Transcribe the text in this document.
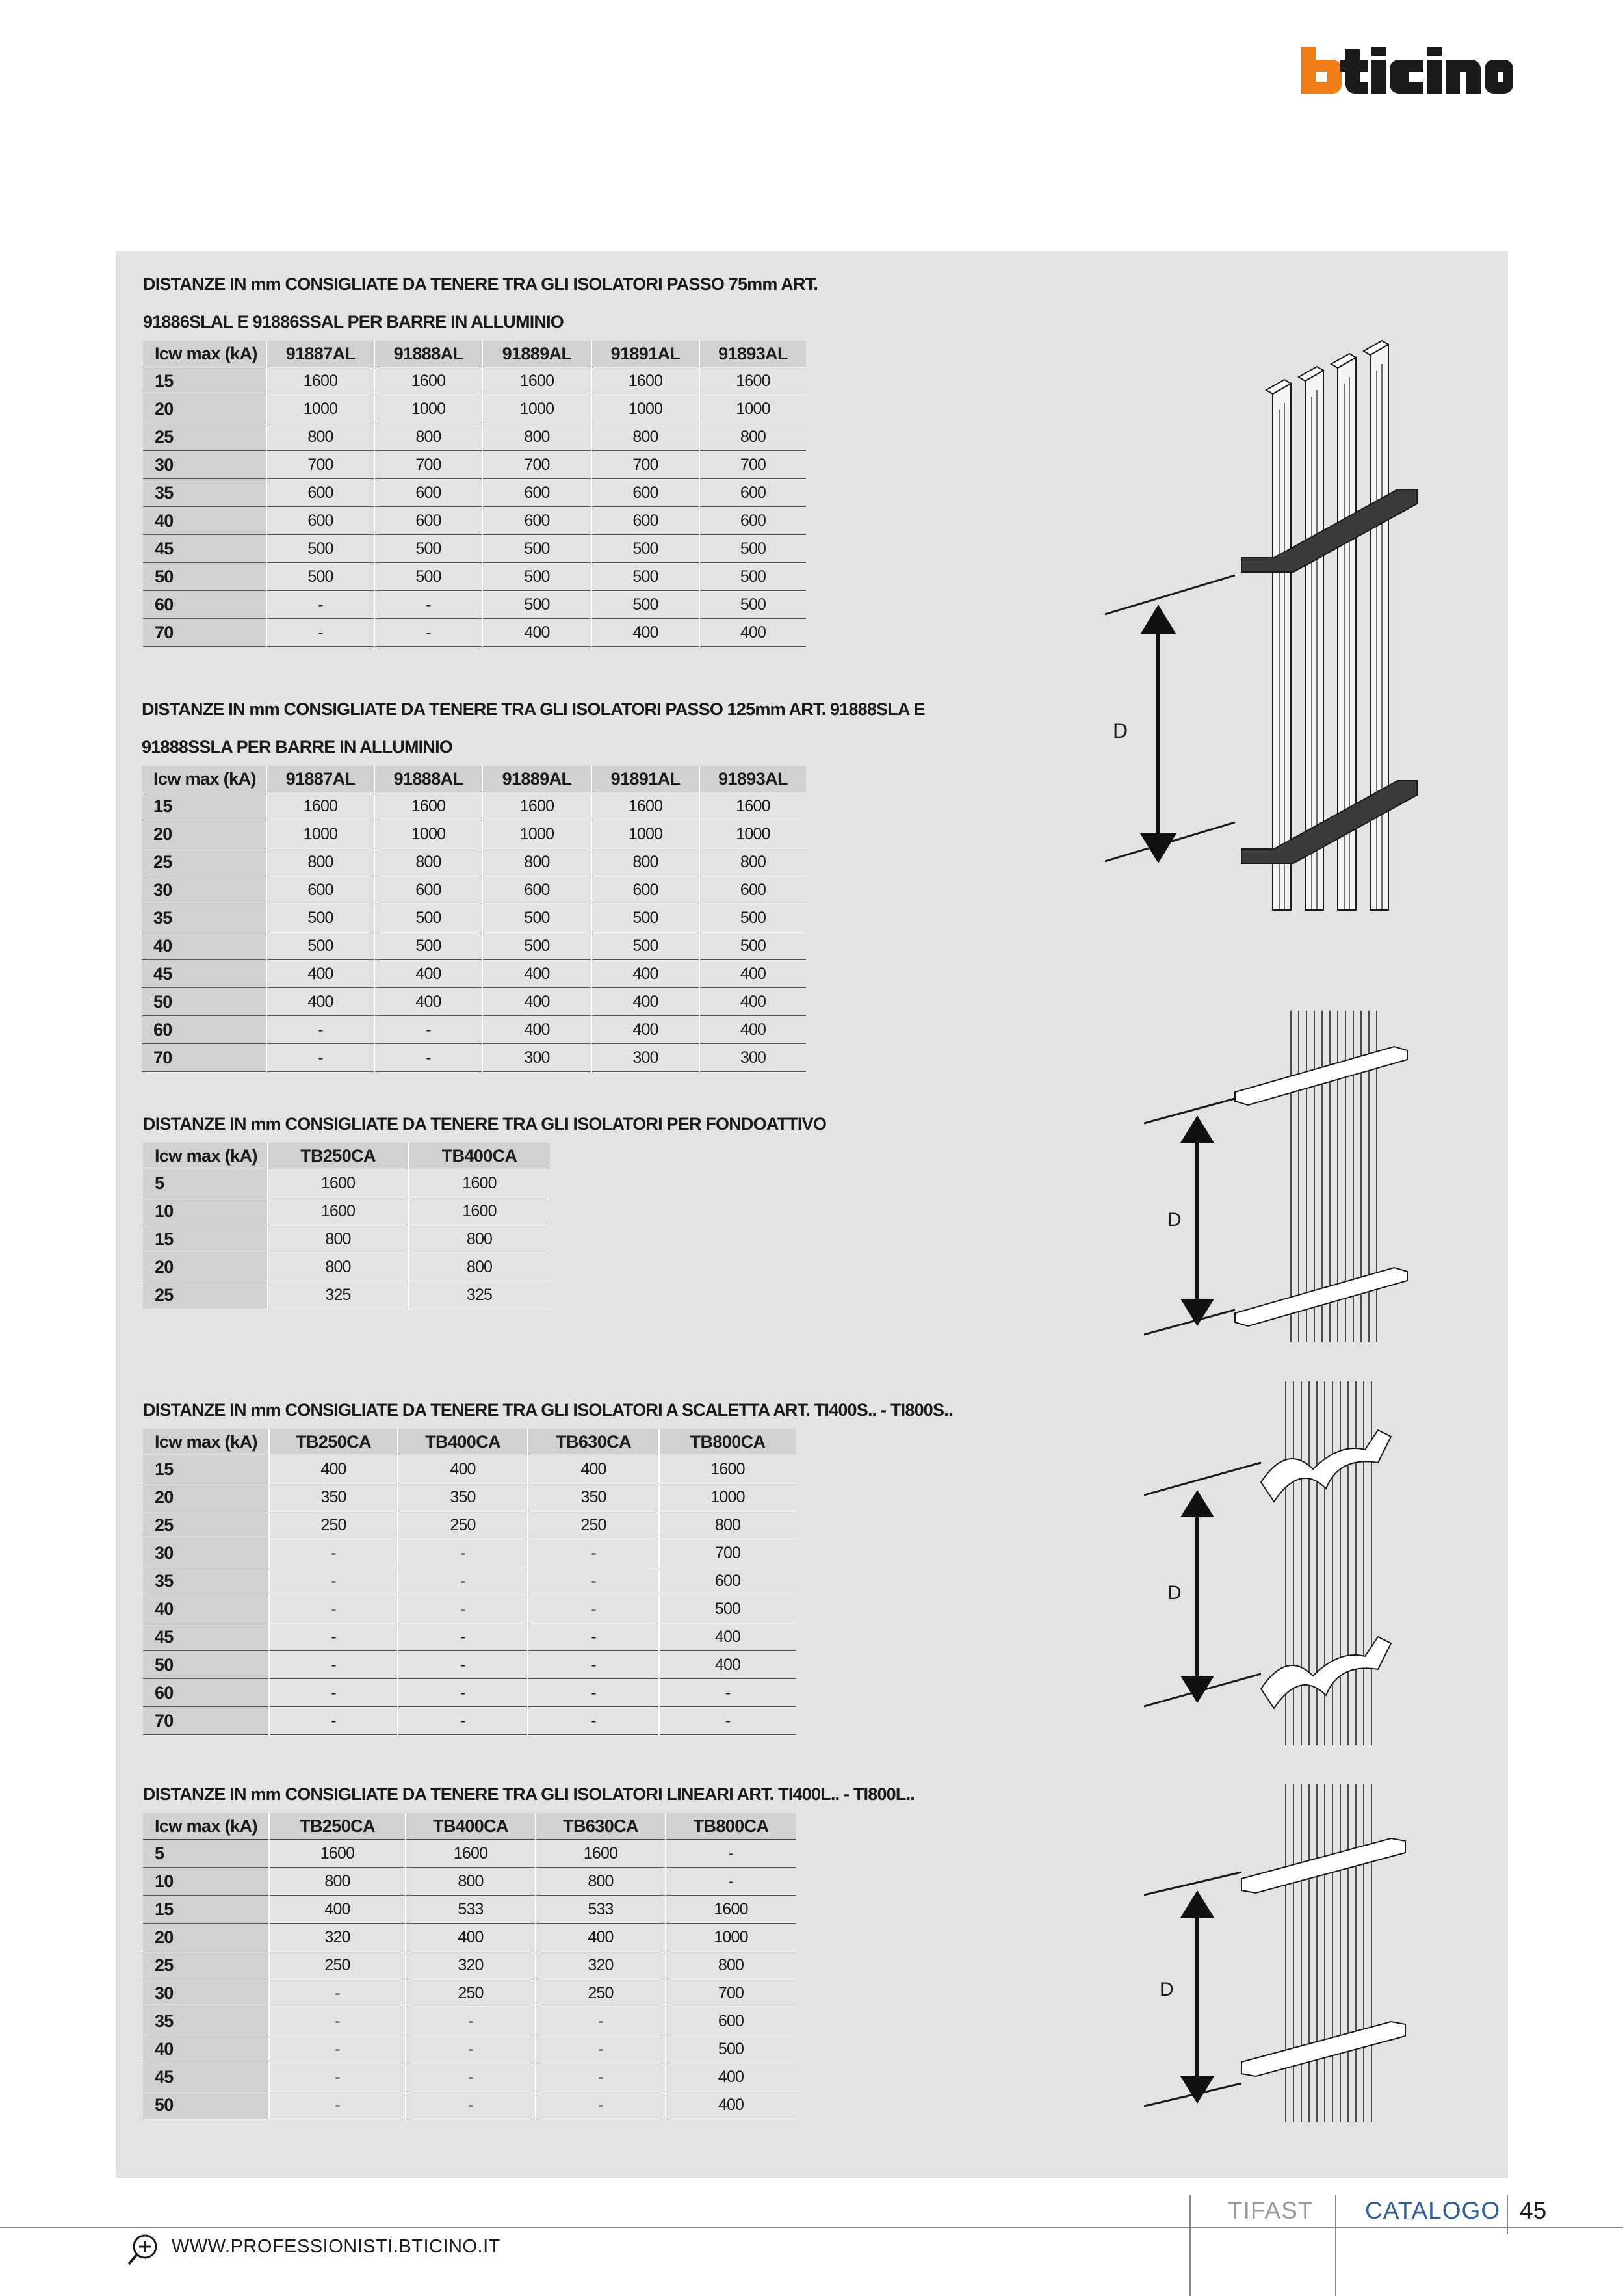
DISTANZE IN mm CONSIGLIATE DA TENERE TRA GLI ISOLATORI PASSO 75mm ART.
91886SLAL E 91886SSAL PER BARRE IN ALLUMINIO
Icw max (kA)	91887AL	91888AL	91889AL	91891AL	91893AL
15	1600	1600	1600	1600	1600
20	1000	1000	1000	1000	1000
25	800	800	800	800	800
30	700	700	700	700	700
35	600	600	600	600	600
40	600	600	600	600	600
45	500	500	500	500	500
50	500	500	500	500	500
60	-	-	500	500	500
70	-	-	400	400	400
DISTANZE IN mm CONSIGLIATE DA TENERE TRA GLI ISOLATORI PASSO 125mm ART. 91888SLA E
91888SSLA PER BARRE IN ALLUMINIO
Icw max (kA)	91887AL	91888AL	91889AL	91891AL	91893AL
15	1600	1600	1600	1600	1600
20	1000	1000	1000	1000	1000
25	800	800	800	800	800
30	600	600	600	600	600
35	500	500	500	500	500
40	500	500	500	500	500
45	400	400	400	400	400
50	400	400	400	400	400
60	-	-	400	400	400
70	-	-	300	300	300
DISTANZE IN mm CONSIGLIATE DA TENERE TRA GLI ISOLATORI PER FONDOATTIVO
Icw max (kA)	TB250CA	TB400CA
5	1600	1600
10	1600	1600
15	800	800
20	800	800
25	325	325
DISTANZE IN mm CONSIGLIATE DA TENERE TRA GLI ISOLATORI A SCALETTA ART. TI400S.. - TI800S..
Icw max (kA)	TB250CA	TB400CA	TB630CA	TB800CA
15	400	400	400	1600
20	350	350	350	1000
25	250	250	250	800
30	-	-	-	700
35	-	-	-	600
40	-	-	-	500
45	-	-	-	400
50	-	-	-	400
60	-	-	-	-
70	-	-	-	-
DISTANZE IN mm CONSIGLIATE DA TENERE TRA GLI ISOLATORI LINEARI ART. TI400L.. - TI800L..
Icw max (kA)	TB250CA	TB400CA	TB630CA	TB800CA
5	1600	1600	1600	-
10	800	800	800	-
15	400	533	533	1600
20	320	400	400	1000
25	250	320	320	800
30	-	250	250	700
35	-	-	-	600
40	-	-	-	500
45	-	-	-	400
50	-	-	-	400
D
D
D
D
TIFAST CATALOGO 45
WWW.PROFESSIONISTI.BTICINO.IT
